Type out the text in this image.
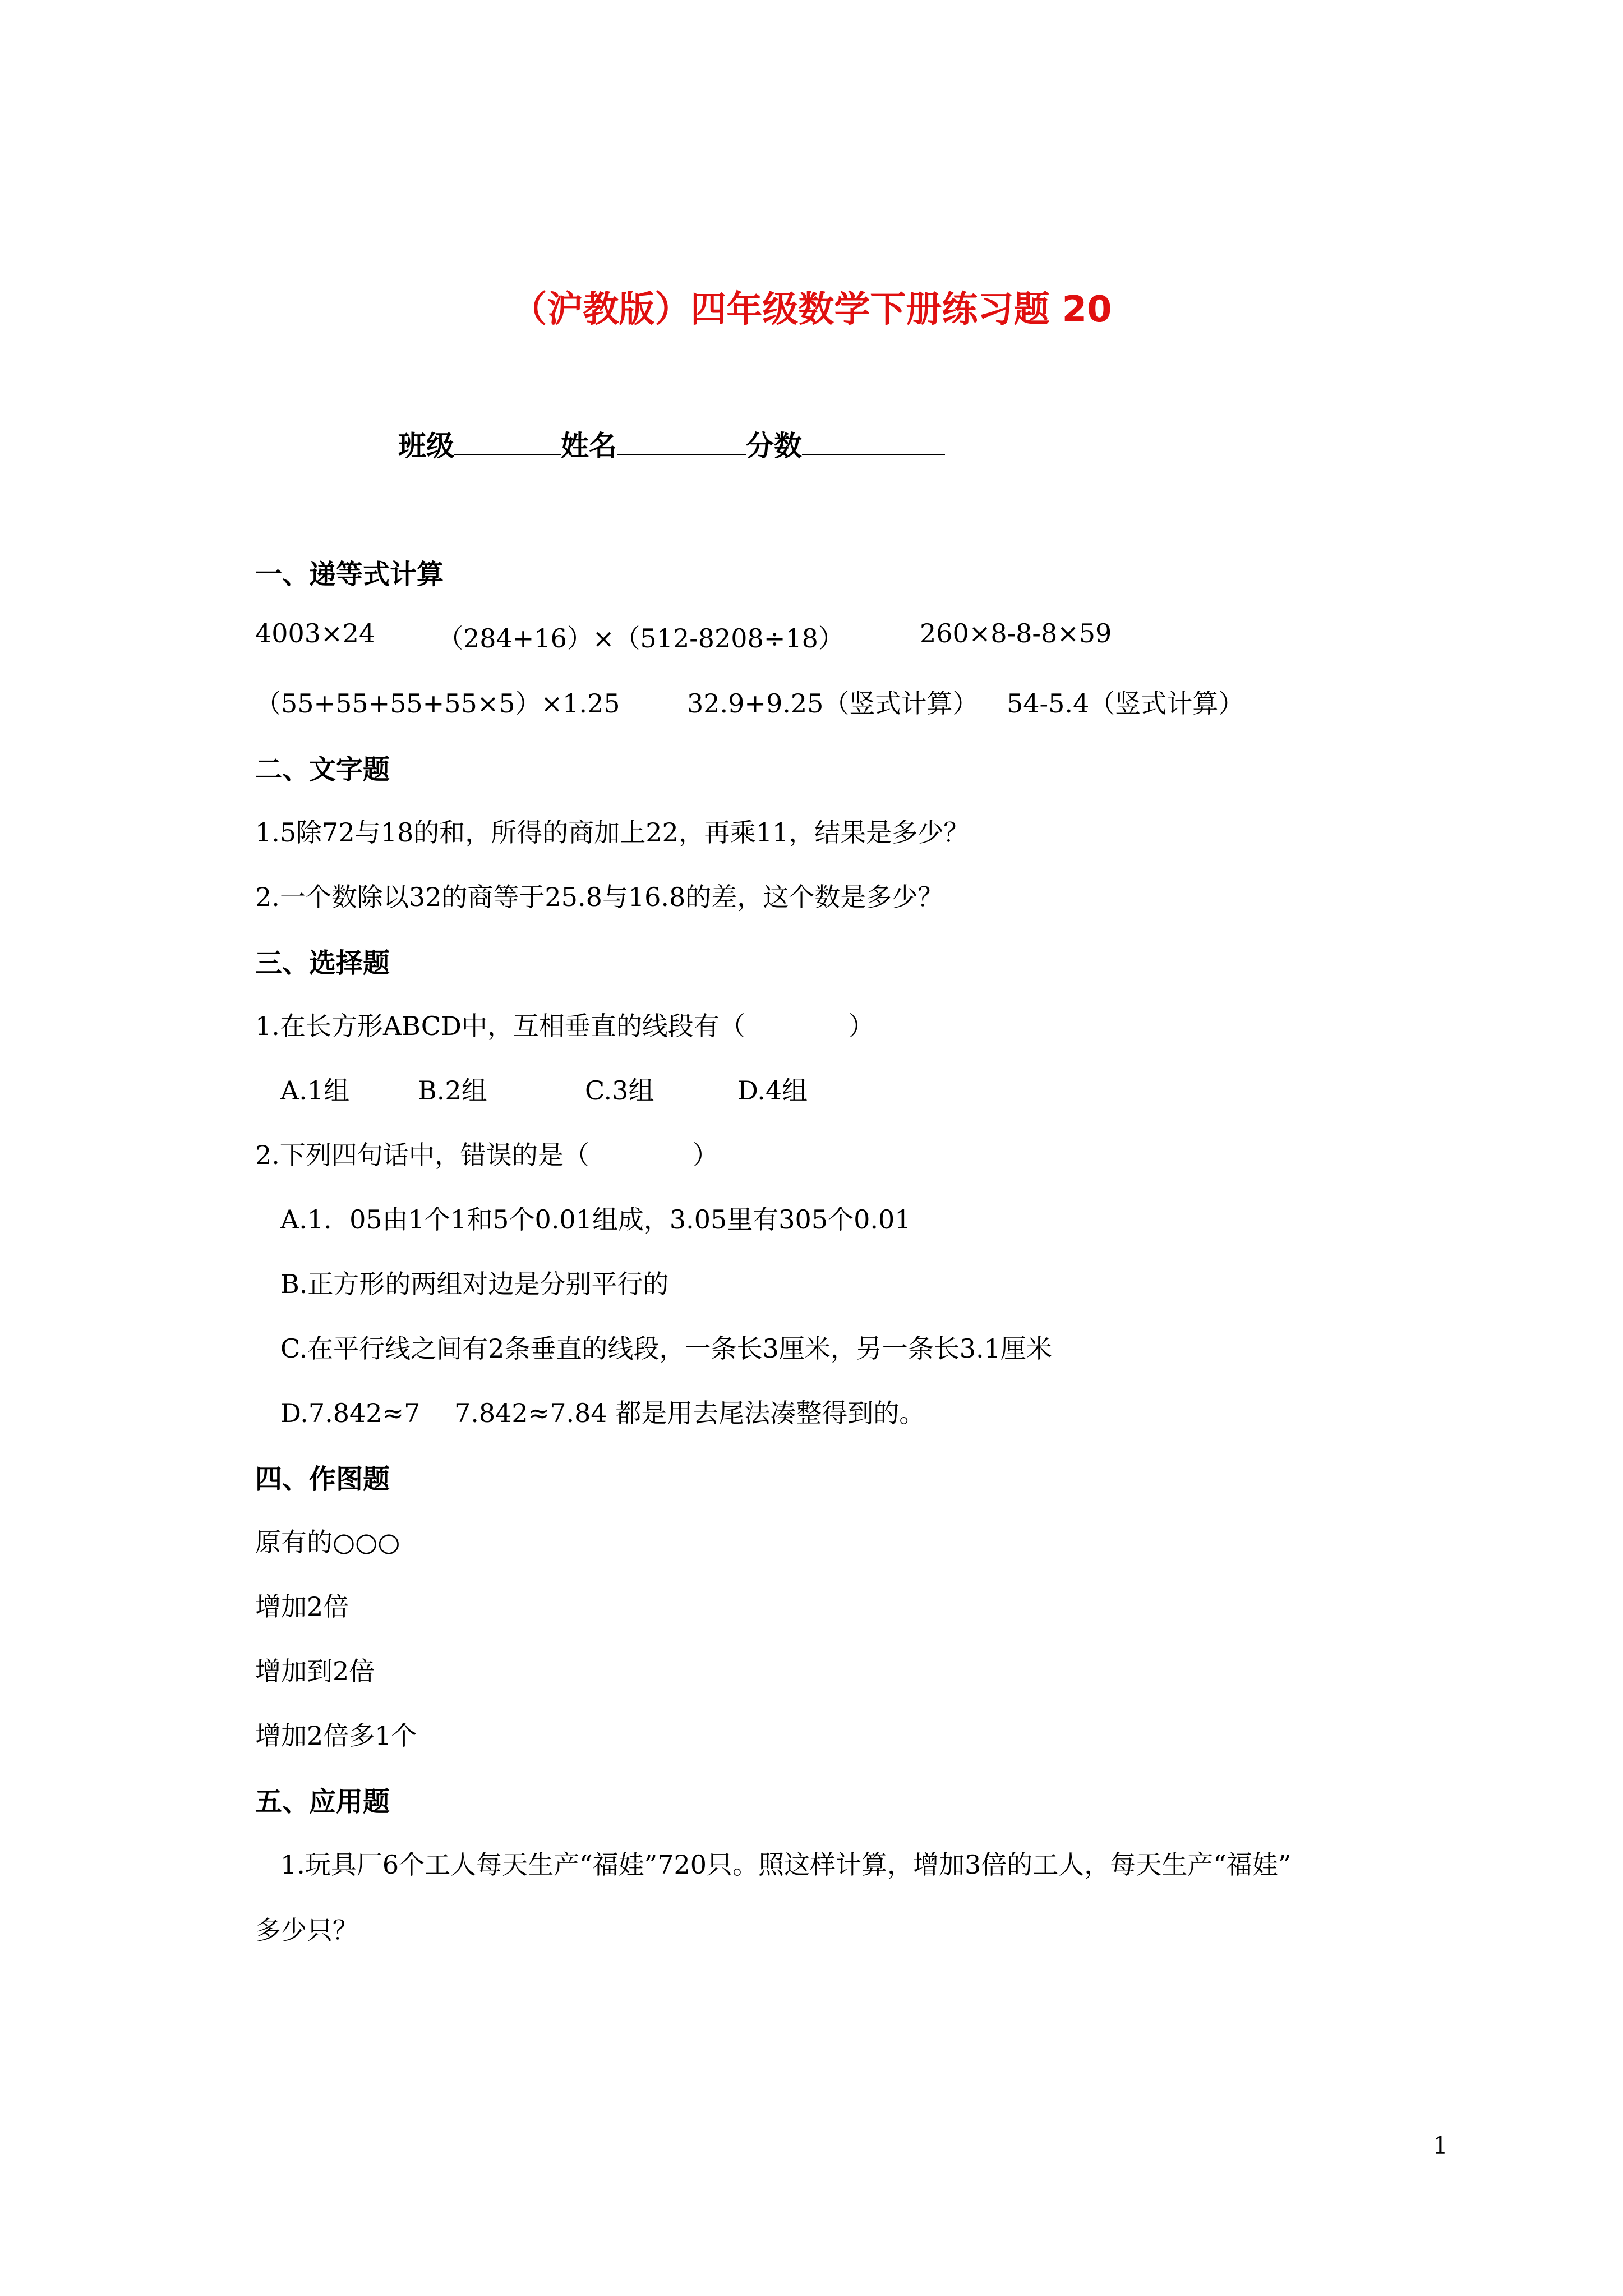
（沪教版）四年级数学下册练习题 20
班级	姓名	分数
一、递等式计算
4003×24 （284+16）×（512-8208÷18）	260×8-8-8×59
（55+55+55+55×5）×1.25	32.9+9.25（竖式计算） 54-5.4（竖式计算）
二、文字题
1.5除72与18的和，所得的商加上22，再乘11，结果是多少？
2.一个数除以32的商等于25.8与16.8的差，这个数是多少？
三、选择题
1.在长方形ABCD中，互相垂直的线段有（　　　　）
A.1组	B.2组	C.3组	D.4组
2.下列四句话中，错误的是（　　　　）
A.1．05由1个1和5个0.01组成，3.05里有305个0.01
B.正方形的两组对边是分别平行的
C.在平行线之间有2条垂直的线段，一条长3厘米，另一条长3.1厘米
D.7.842≈7　 7.842≈7.84 都是用去尾法凑整得到的。
四、作图题
原有的○○○
增加2倍
增加到2倍
增加2倍多1个
五、应用题
1.玩具厂6个工人每天生产“福娃”720只。照这样计算，增加3倍的工人，每天生产“福娃”
多少只？
1
